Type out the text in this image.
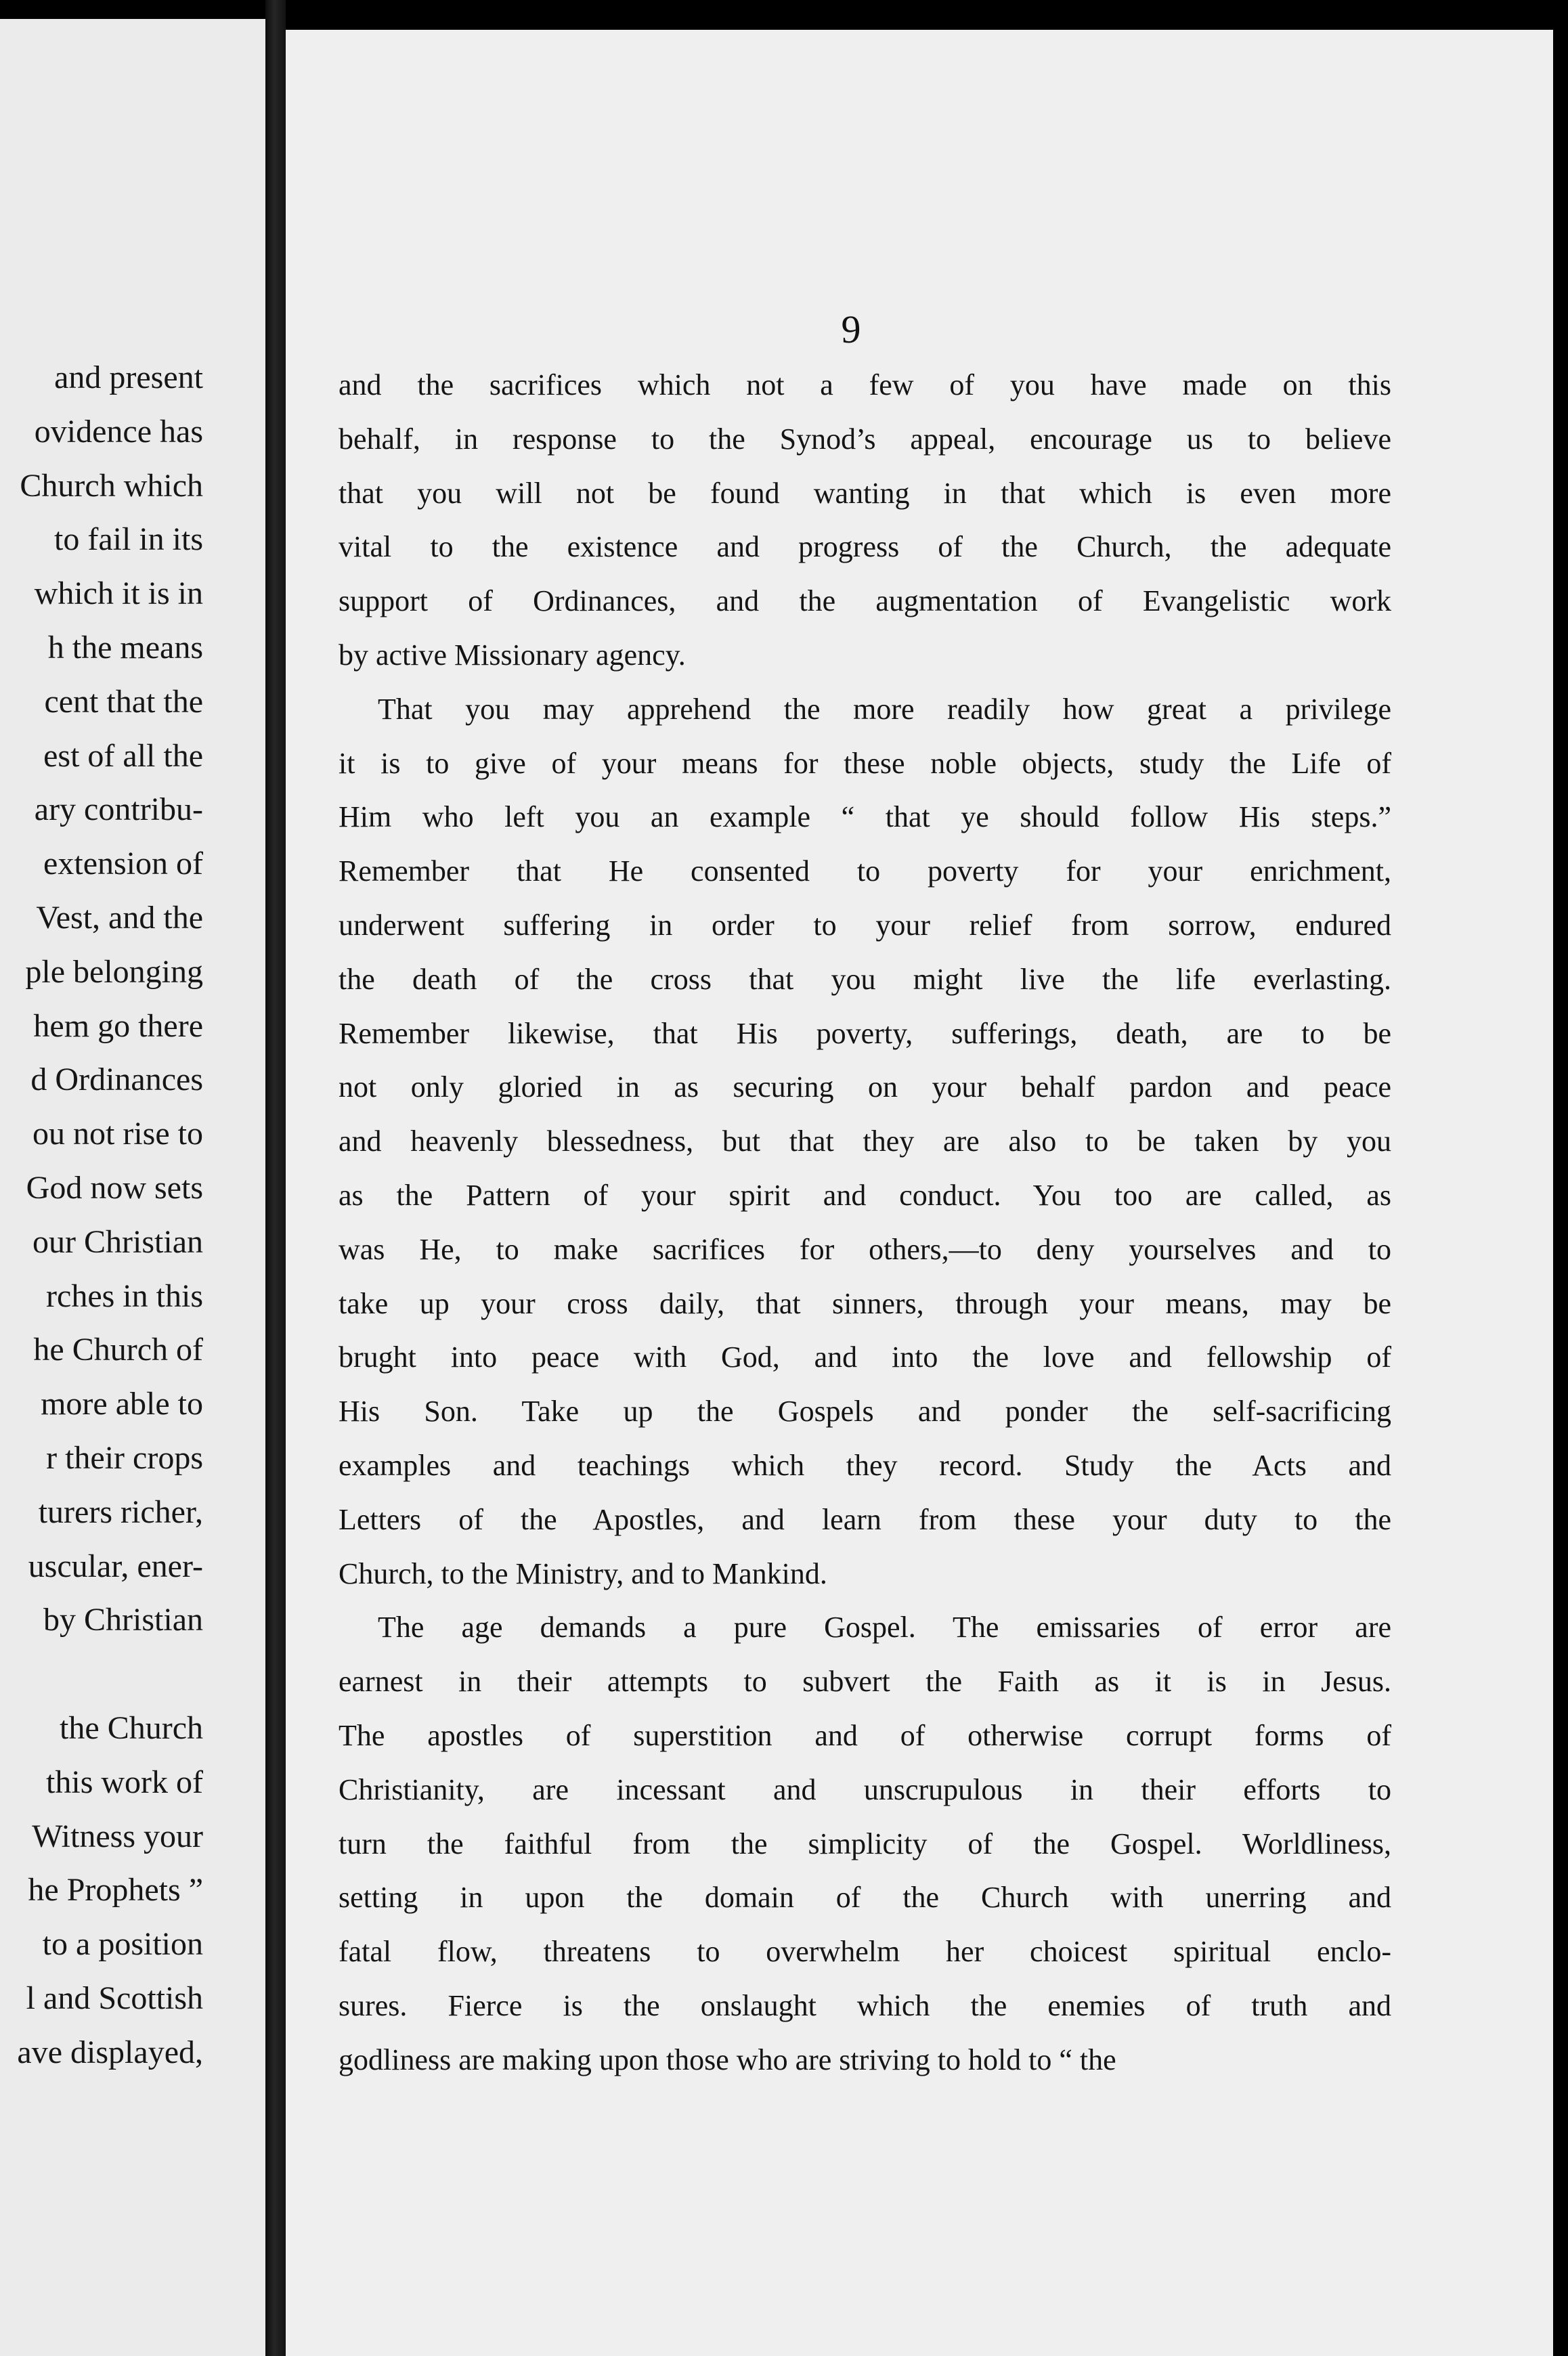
and present
ovidence has
Church which
to fail in its
which it is in
h the means
cent that the
est of all the
ary contribu-
extension of
Vest, and the
ple belonging
hem go there
d Ordinances
ou not rise to
God now sets
our Christian
rches in this
he Church of
more able to
r their crops
turers richer,
uscular, ener-
by Christian
the Church
this work of
Witness your
he Prophets ”
to a position
l and Scottish
ave displayed,
9
and the sacrifices which not a few of you have made on this
behalf, in response to the Synod’s appeal, encourage us to believe
that you will not be found wanting in that which is even more
vital to the existence and progress of the Church, the adequate
support of Ordinances, and the augmentation of Evangelistic work
by active Missionary agency.
That you may apprehend the more readily how great a privilege
it is to give of your means for these noble objects, study the Life of
Him who left you an example “ that ye should follow His steps.”
Remember that He consented to poverty for your enrichment,
underwent suffering in order to your relief from sorrow, endured
the death of the cross that you might live the life everlasting.
Remember likewise, that His poverty, sufferings, death, are to be
not only gloried in as securing on your behalf pardon and peace
and heavenly blessedness, but that they are also to be taken by you
as the Pattern of your spirit and conduct. You too are called, as
was He, to make sacrifices for others,—to deny yourselves and to
take up your cross daily, that sinners, through your means, may be
brught into peace with God, and into the love and fellowship of
His Son. Take up the Gospels and ponder the self-sacrificing
examples and teachings which they record. Study the Acts and
Letters of the Apostles, and learn from these your duty to the
Church, to the Ministry, and to Mankind.
The age demands a pure Gospel. The emissaries of error are
earnest in their attempts to subvert the Faith as it is in Jesus.
The apostles of superstition and of otherwise corrupt forms of
Christianity, are incessant and unscrupulous in their efforts to
turn the faithful from the simplicity of the Gospel. Worldliness,
setting in upon the domain of the Church with unerring and
fatal flow, threatens to overwhelm her choicest spiritual enclo-
sures. Fierce is the onslaught which the enemies of truth and
godliness are making upon those who are striving to hold to “ the
